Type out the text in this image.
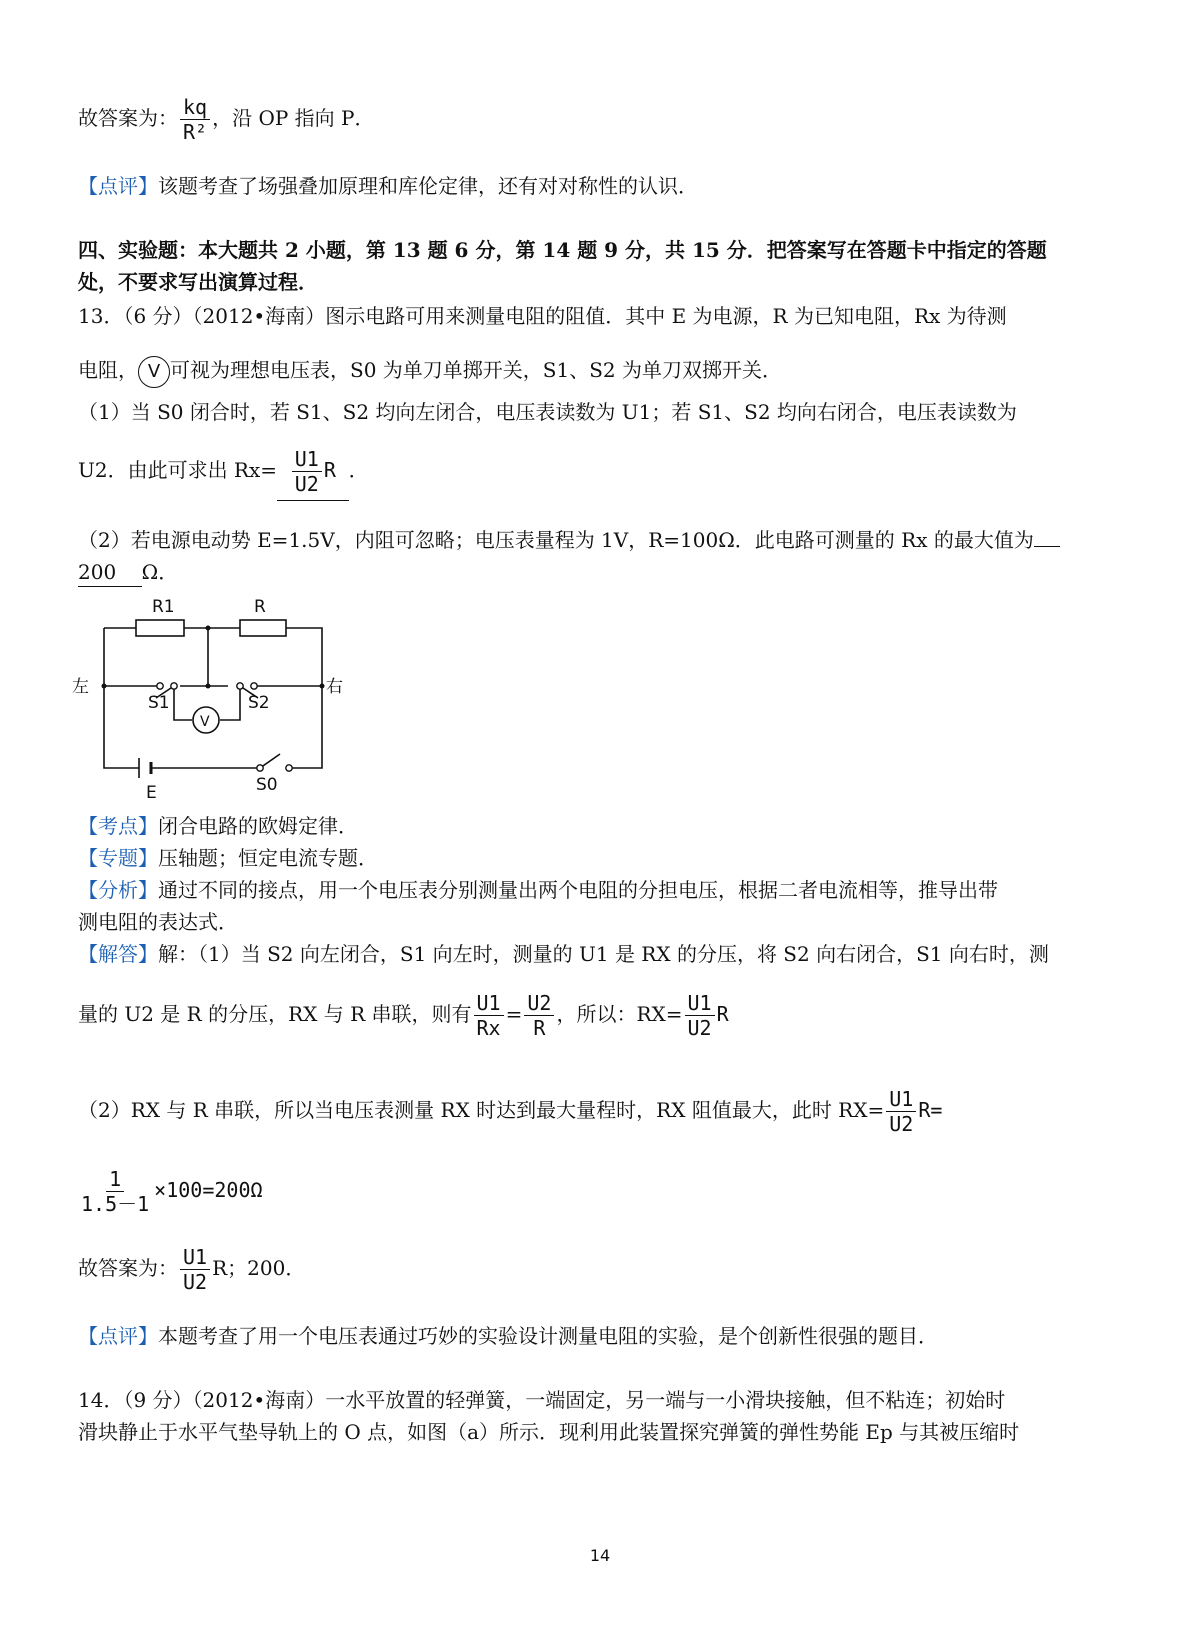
故答案为： $\frac{kq}{\text{R²}}$ ，沿 OP 指向 P．
【点评】该题考查了场强叠加原理和库伦定律，还有对对称性的认识．
四、实验题：本大题共 2 小题，第 13 题 6 分，第 14 题 9 分，共 15 分．把答案写在答题卡中指定的答题
处，不要求写出演算过程．
13．（6 分）（2012•海南）图示电路可用来测量电阻的阻值．其中 E 为电源，R 为已知电阻，Rx 为待测
电阻， V 可视为理想电压表，S0 为单刀单掷开关，S1、S2 为单刀双掷开关．
（1）当 S0 闭合时，若 S1、S2 均向左闭合，电压表读数为 U1；若 S1、S2 均向右闭合，电压表读数为
U2．由此可求出 $Rx= \frac{U1}{U2}$ R ．
（2）若电源电动势 E=1.5V，内阻可忽略；电压表量程为 1V，R=100Ω．此电路可测量的 Rx 的最大值为
200 Ω．
R1	R
左	右
S1	S2
V
E	S0
【考点】闭合电路的欧姆定律．
【专题】压轴题；恒定电流专题．
【分析】通过不同的接点，用一个电压表分别测量出两个电阻的分担电压，根据二者电流相等，推导出带
测电阻的表达式．
【解答】解：（1）当 S2 向左闭合，S1 向左时，测量的 U1 是 RX 的分压，将 S2 向右闭合，S1 向右时，测
量的 U2 是 R 的分压，RX 与 R 串联，则有 $\frac{U1}{Rx} = \frac{U2}{R}$ ，所以：$RX= \frac{U1}{U2}$ R
（2）RX 与 R 串联，所以当电压表测量 RX 时达到最大量程时，RX 阻值最大，此时 $RX= \frac{U1}{U2} R=$
$\frac{1}{1.5-1} \times 100=200\Omega$
故答案为： $\frac{U1}{U2}$ R；200．
【点评】本题考查了用一个电压表通过巧妙的实验设计测量电阻的实验，是个创新性很强的题目．
14．（9 分）（2012•海南）一水平放置的轻弹簧，一端固定，另一端与一小滑块接触，但不粘连；初始时
滑块静止于水平气垫导轨上的 O 点，如图（a）所示．现利用此装置探究弹簧的弹性势能 Ep 与其被压缩时
14
